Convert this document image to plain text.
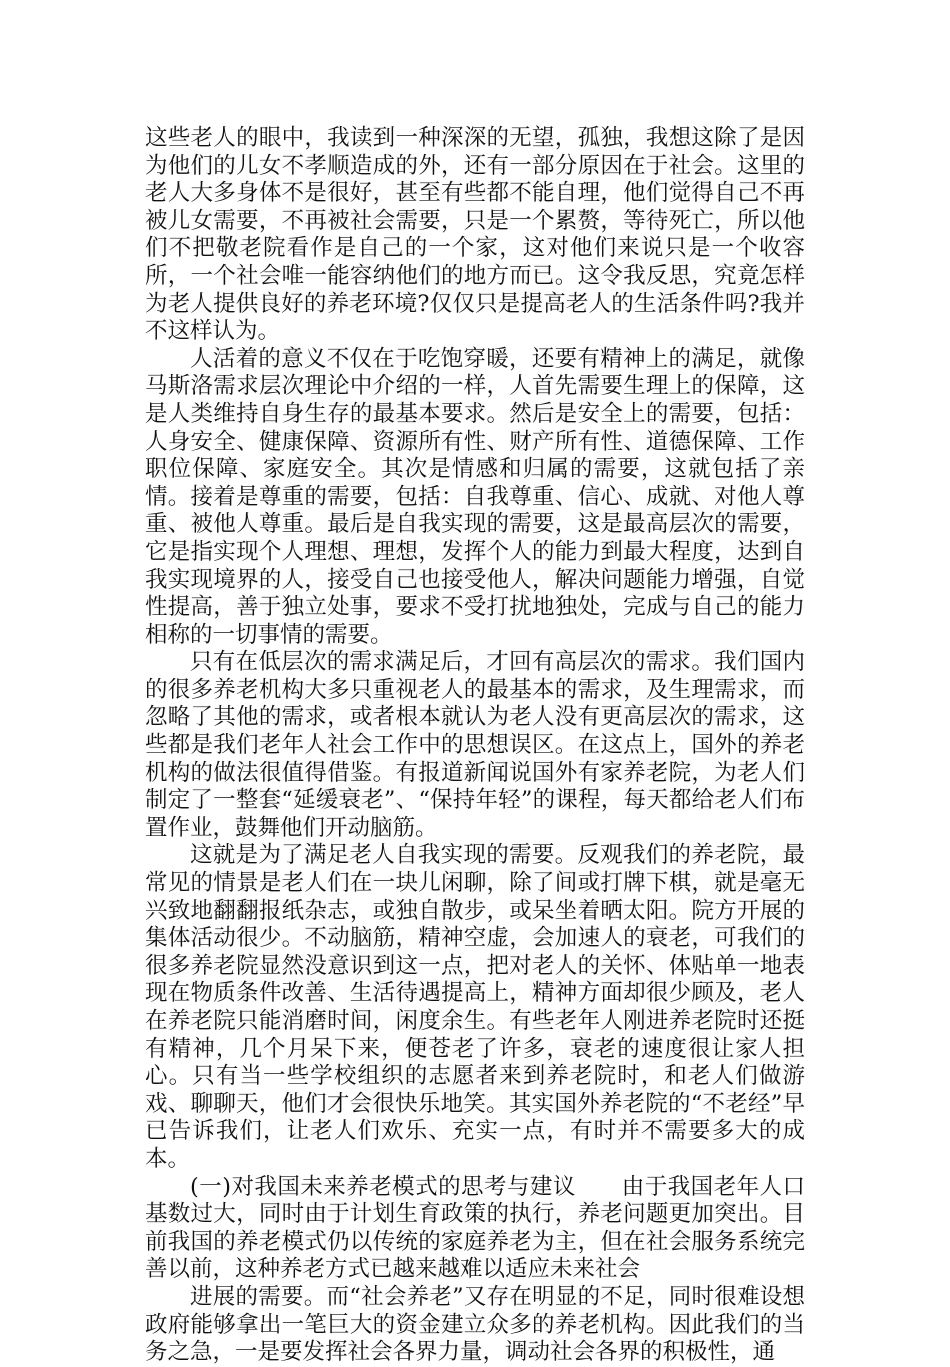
这些老人的眼中，我读到一种深深的无望，孤独，我想这除了是因为他们的儿女不孝顺造成的外，还有一部分原因在于社会。这里的老人大多身体不是很好，甚至有些都不能自理，他们觉得自己不再被儿女需要，不再被社会需要，只是一个累赘，等待死亡，所以他们不把敬老院看作是自己的一个家，这对他们来说只是一个收容所，一个社会唯一能容纳他们的地方而已。这令我反思，究竟怎样为老人提供良好的养老环境?仅仅只是提高老人的生活条件吗?我并不这样认为。

人活着的意义不仅在于吃饱穿暖，还要有精神上的满足，就像马斯洛需求层次理论中介绍的一样，人首先需要生理上的保障，这是人类维持自身生存的最基本要求。然后是安全上的需要，包括：人身安全、健康保障、资源所有性、财产所有性、道德保障、工作职位保障、家庭安全。其次是情感和归属的需要，这就包括了亲情。接着是尊重的需要，包括：自我尊重、信心、成就、对他人尊重、被他人尊重。最后是自我实现的需要，这是最高层次的需要，它是指实现个人理想、理想，发挥个人的能力到最大程度，达到自我实现境界的人，接受自己也接受他人，解决问题能力增强，自觉性提高，善于独立处事，要求不受打扰地独处，完成与自己的能力相称的一切事情的需要。

只有在低层次的需求满足后，才回有高层次的需求。我们国内的很多养老机构大多只重视老人的最基本的需求，及生理需求，而忽略了其他的需求，或者根本就认为老人没有更高层次的需求，这些都是我们老年人社会工作中的思想误区。在这点上，国外的养老机构的做法很值得借鉴。有报道新闻说国外有家养老院，为老人们制定了一整套“延缓衰老”、“保持年轻”的课程，每天都给老人们布置作业，鼓舞他们开动脑筋。

这就是为了满足老人自我实现的需要。反观我们的养老院，最常见的情景是老人们在一块儿闲聊，除了间或打牌下棋，就是毫无兴致地翻翻报纸杂志，或独自散步，或呆坐着晒太阳。院方开展的集体活动很少。不动脑筋，精神空虚，会加速人的衰老，可我们的很多养老院显然没意识到这一点，把对老人的关怀、体贴单一地表现在物质条件改善、生活待遇提高上，精神方面却很少顾及，老人在养老院只能消磨时间，闲度余生。有些老年人刚进养老院时还挺有精神，几个月呆下来，便苍老了许多，衰老的速度很让家人担心。只有当一些学校组织的志愿者来到养老院时，和老人们做游戏、聊聊天，他们才会很快乐地笑。其实国外养老院的“不老经”早已告诉我们，让老人们欢乐、充实一点，有时并不需要多大的成本。

(一)对我国未来养老模式的思考与建议　　由于我国老年人口基数过大，同时由于计划生育政策的执行，养老问题更加突出。目前我国的养老模式仍以传统的家庭养老为主，但在社会服务系统完善以前，这种养老方式已越来越难以适应未来社会

进展的需要。而“社会养老”又存在明显的不足，同时很难设想政府能够拿出一笔巨大的资金建立众多的养老机构。因此我们的当务之急，一是要发挥社会各界力量，调动社会各界的积极性，通
